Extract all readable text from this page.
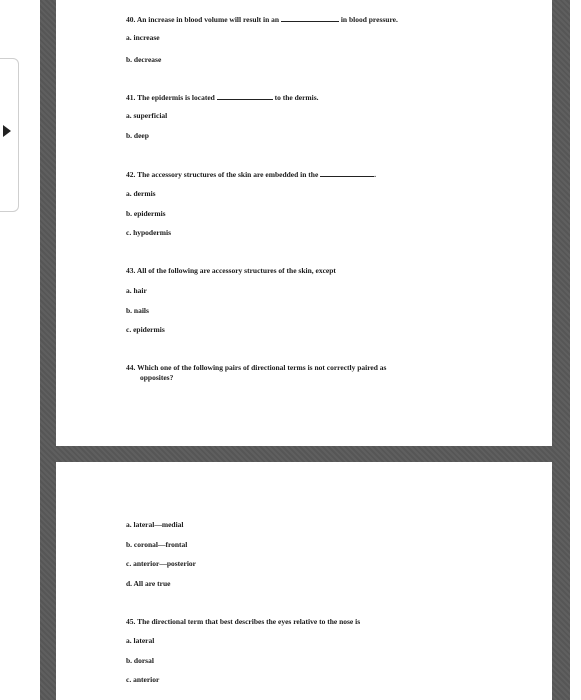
40. An increase in blood volume will result in an	in blood pressure.
a. increase
b. decrease
41. The epidermis is located	to the dermis.
a. superficial
b. deep
42. The accessory structures of the skin are embedded in the	.
a. dermis
b. epidermis
c. hypodermis
43. All of the following are accessory structures of the skin, except
a. hair
b. nails
c. epidermis
44. Which one of the following pairs of directional terms is not correctly paired as
opposites?
a. lateral—medial
b. coronal—frontal
c. anterior—posterior
d. All are true
45. The directional term that best describes the eyes relative to the nose is
a. lateral
b. dorsal
c. anterior
